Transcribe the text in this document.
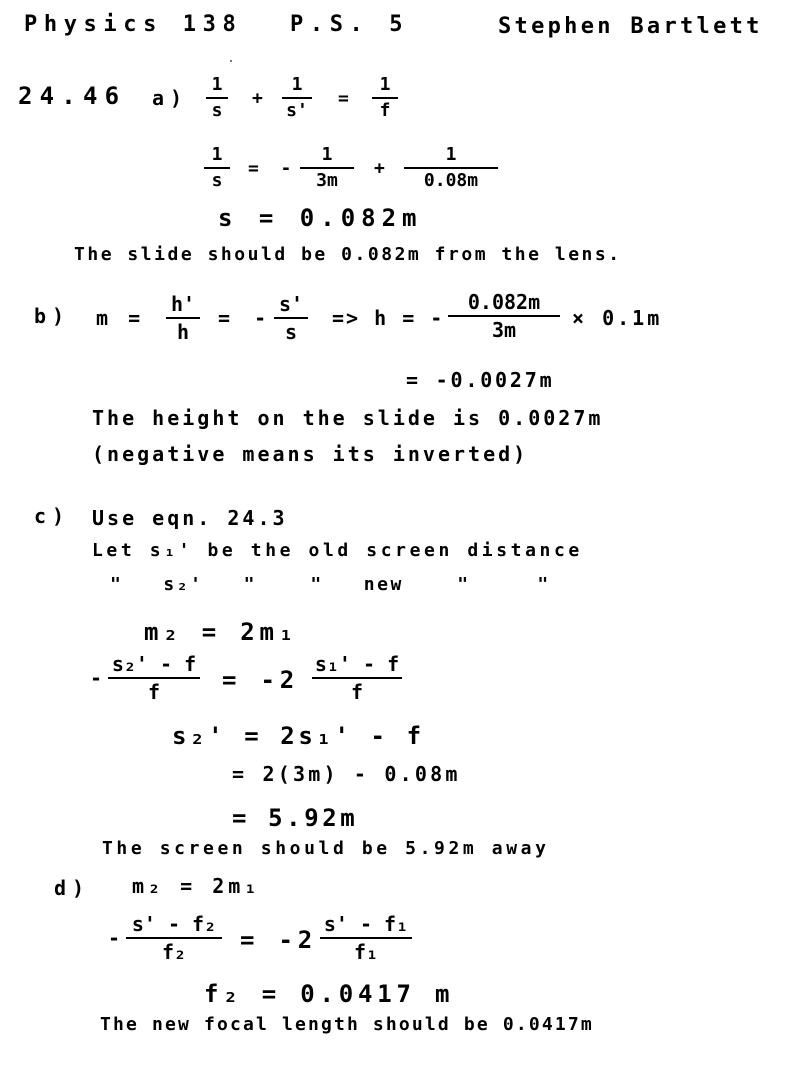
Physics 138 P.S. 5	Stephen Bartlett
24.46 a)
1
s
+
1
s'
=
1
f
1
s
= -
1
3m
+
1
0.08m
s = 0.082m
The slide should be 0.082m from the lens.
b) m =
h'
h
= -
s'
s
=> h = -
0.082m
3m	× 0.1m
= -0.0027m
The height on the slide is 0.0027m
(negative means its inverted)
c) Use eqn. 24.3
Let s₁' be the old screen distance
"   s₂'   "    "   new    "     "
m₂ = 2m₁
-
s₂' - f
f	= -2
s₁' - f
f
s₂' = 2s₁' - f
= 2(3m) - 0.08m
= 5.92m
The screen should be 5.92m away
d) m₂ = 2m₁
-
s' - f₂
f₂	= -2
s' - f₁
f₁
f₂ = 0.0417 m
The new focal length should be 0.0417m
